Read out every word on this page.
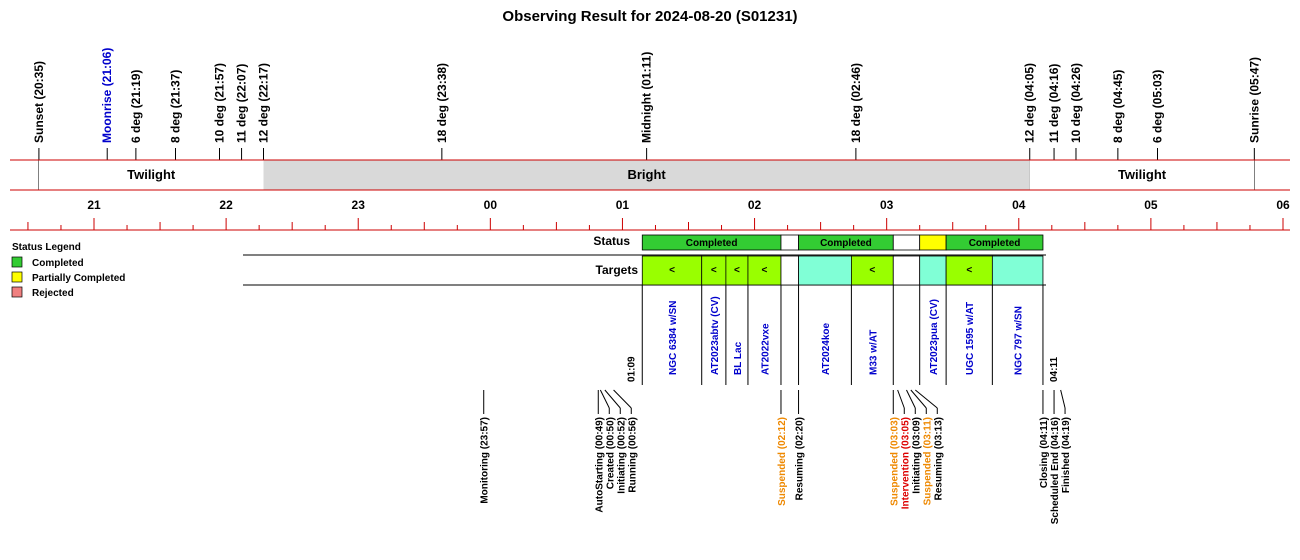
Observing Result for 2024-08-20 (S01231)
Sunset (20:35)	Moonrise (21:06) 6 deg (21:19) 8 deg (21:37) 10 deg (21:57) 11 deg (22:07) 12 deg (22:17)	18 deg (23:38)	Midnight (01:11)	18 deg (02:46)	12 deg (04:05) 11 deg (04:16) 10 deg (04:26) 8 deg (04:45) 6 deg (05:03)	Sunrise (05:47)
Twilight	Bright	Twilight
21	22	23	00	01	02	03	04	05	06
Status Legend
Completed
Partially Completed
Rejected
Status
Targets
Completed	Completed	Completed
<
NGC 6384 w/SN
<
AT2023abtv (CV)
<
BL Lac
<
AT2022vxe	AT2024koe
<
M33 w/AT	AT2023pua (CV)
<
UGC 1595 w/AT	NGC 797 w/SN
01:09	04:11
Monitoring (23:57)	AutoStarting (00:49) Created (00:50) Initiating (00:52) Running (00:56)	Suspended (02:12) Resuming (02:20)	Suspended (03:03) Intervention (03:05) Initiating (03:09) Suspended (03:11) Resuming (03:13)	Closing (04:11) Scheduled End (04:16) Finished (04:19)
